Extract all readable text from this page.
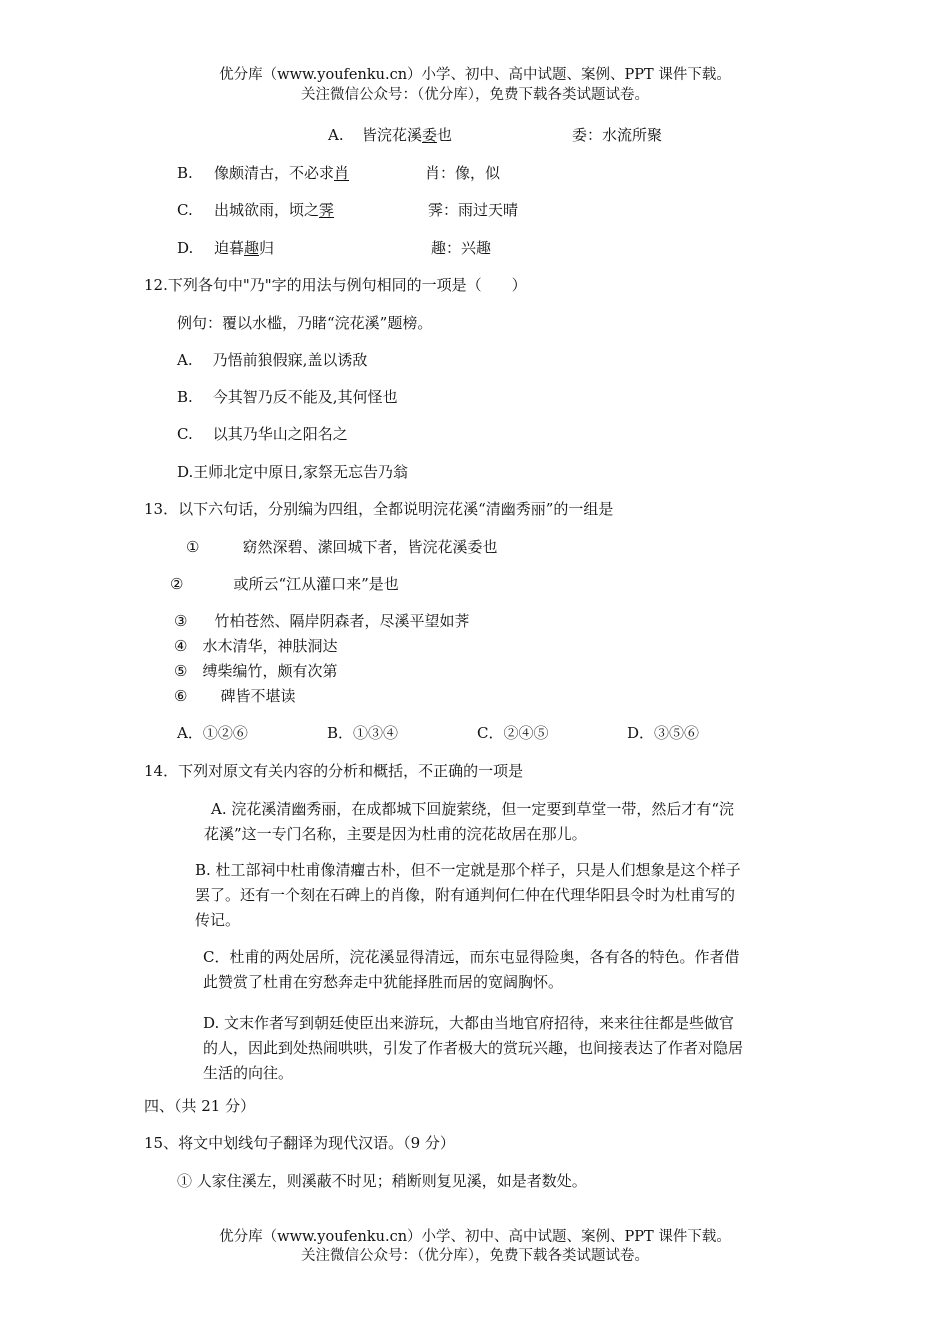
优分库（www.youfenku.cn）小学、初中、高中试题、案例、PPT 课件下载。
关注微信公众号：（优分库），免费下载各类试题试卷。
A. 皆浣花溪委也	委：水流所聚
B. 像颇清古，不必求肖	肖：像，似
C. 出城欲雨，顷之霁	霁：雨过天晴
D. 迫暮趣归	趣：兴趣
12.下列各句中"乃"字的用法与例句相同的一项是（　　）
例句：覆以水槛，乃睹“浣花溪”题榜。
A. 乃悟前狼假寐,盖以诱敌
B. 今其智乃反不能及,其何怪也
C. 以其乃华山之阳名之
D.王师北定中原日,家祭无忘告乃翁
13．以下六句话，分别编为四组，全都说明浣花溪“清幽秀丽”的一组是
①	窈然深碧、潆回城下者，皆浣花溪委也
②	或所云“江从灌口来”是也
③ 竹柏苍然、隔岸阴森者，尽溪平望如荠
④ 水木清华，神肤洞达
⑤ 缚柴编竹，颇有次第
⑥ 碑皆不堪读
A．①②⑥	B．①③④	C．②④⑤	D．③⑤⑥
14．下列对原文有关内容的分析和概括，不正确的一项是
A. 浣花溪清幽秀丽，在成都城下回旋萦绕，但一定要到草堂一带，然后才有“浣
花溪”这一专门名称，主要是因为杜甫的浣花故居在那儿。
B. 杜工部祠中杜甫像清癯古朴，但不一定就是那个样子，只是人们想象是这个样子
罢了。还有一个刻在石碑上的肖像，附有通判何仁仲在代理华阳县令时为杜甫写的
传记。
C．杜甫的两处居所，浣花溪显得清远，而东屯显得险奥，各有各的特色。作者借
此赞赏了杜甫在穷愁奔走中犹能择胜而居的宽阔胸怀。
D. 文末作者写到朝廷使臣出来游玩，大都由当地官府招待，来来往往都是些做官
的人，因此到处热闹哄哄，引发了作者极大的赏玩兴趣，也间接表达了作者对隐居
生活的向往。
四、（共 21 分）
15、将文中划线句子翻译为现代汉语。（9 分）
① 人家住溪左，则溪蔽不时见；稍断则复见溪，如是者数处。
优分库（www.youfenku.cn）小学、初中、高中试题、案例、PPT 课件下载。
关注微信公众号：（优分库），免费下载各类试题试卷。
